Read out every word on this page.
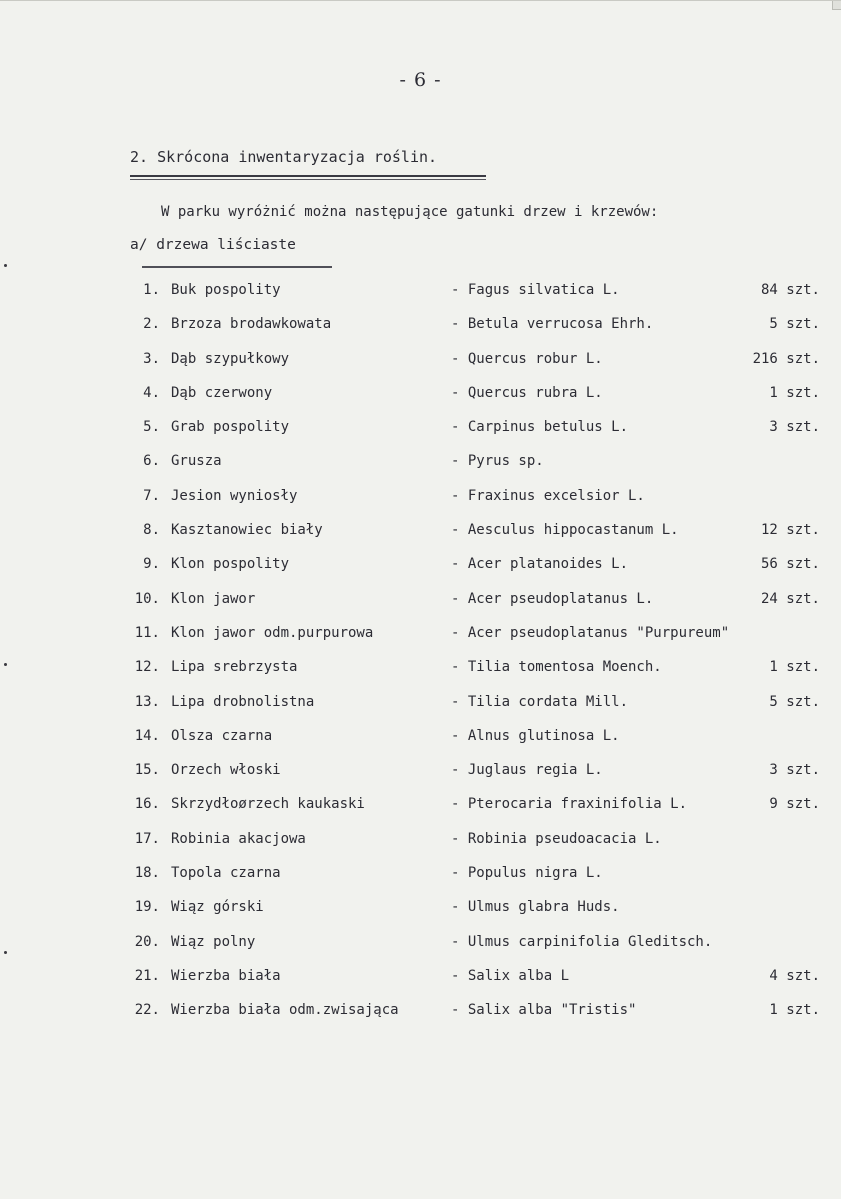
- 6 -
2. Skrócona inwentaryzacja roślin.
W parku wyróżnić można następujące gatunki drzew i krzewów:
a/ drzewa liściaste
1. Buk pospolity	- Fagus silvatica L.	84 szt.
2. Brzoza brodawkowata	- Betula verrucosa Ehrh.	5 szt.
3. Dąb szypułkowy	- Quercus robur L.	216 szt.
4. Dąb czerwony	- Quercus rubra L.	1 szt.
5. Grab pospolity	- Carpinus betulus L.	3 szt.
6. Grusza	- Pyrus sp.
7. Jesion wyniosły	- Fraxinus excelsior L.
8. Kasztanowiec biały	- Aesculus hippocastanum L.	12 szt.
9. Klon pospolity	- Acer platanoides L.	56 szt.
10. Klon jawor	- Acer pseudoplatanus L.	24 szt.
11. Klon jawor odm.purpurowa	- Acer pseudoplatanus "Purpureum"
12. Lipa srebrzysta	- Tilia tomentosa Moench.	1 szt.
13. Lipa drobnolistna	- Tilia cordata Mill.	5 szt.
14. Olsza czarna	- Alnus glutinosa L.
15. Orzech włoski	- Juglaus regia L.	3 szt.
16. Skrzydłoørzech kaukaski	- Pterocaria fraxinifolia L.	9 szt.
17. Robinia akacjowa	- Robinia pseudoacacia L.
18. Topola czarna	- Populus nigra L.
19. Wiąz górski	- Ulmus glabra Huds.
20. Wiąz polny	- Ulmus carpinifolia Gleditsch.
21. Wierzba biała	- Salix alba L	4 szt.
22. Wierzba biała odm.zwisająca	- Salix alba "Tristis"	1 szt.
